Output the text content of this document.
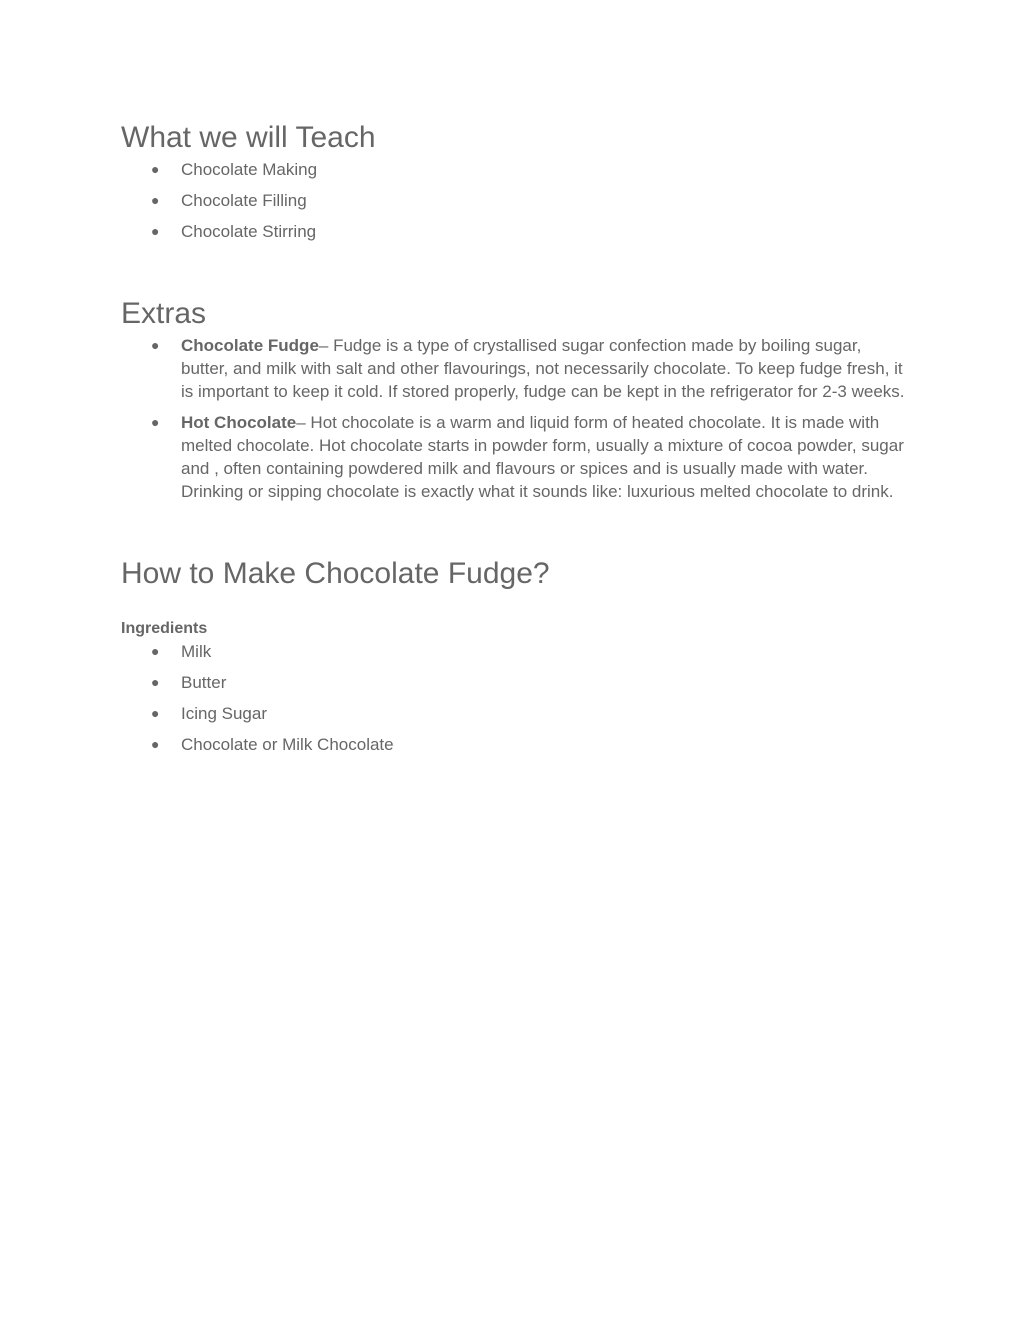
What we will Teach
● Chocolate Making
● Chocolate Filling
● Chocolate Stirring
Extras
● Chocolate Fudge– Fudge is a type of crystallised sugar confection made by boiling sugar, butter, and milk with salt and other flavourings, not necessarily chocolate. To keep fudge fresh, it is important to keep it cold. If stored properly, fudge can be kept in the refrigerator for 2-3 weeks.
● Hot Chocolate– Hot chocolate is a warm and liquid form of heated chocolate. It is made with melted chocolate. Hot chocolate starts in powder form, usually a mixture of cocoa powder, sugar and , often containing powdered milk and flavours or spices and is usually made with water. Drinking or sipping chocolate is exactly what it sounds like: luxurious melted chocolate to drink.
How to Make Chocolate Fudge?
Ingredients
● Milk
● Butter
● Icing Sugar
● Chocolate or Milk Chocolate
